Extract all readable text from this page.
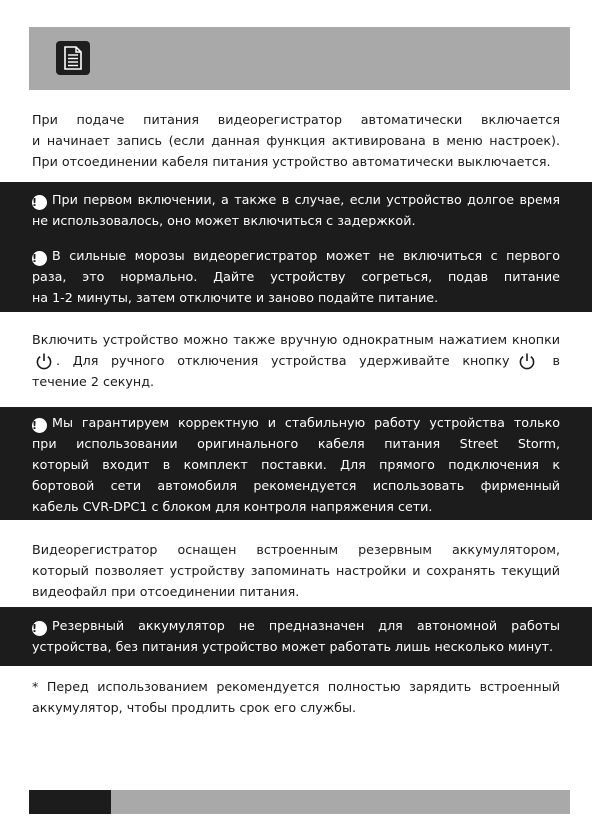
При подаче питания видеорегистратор автоматически включается
и начинает запись (если данная функция активирована в меню настроек).
При отсоединении кабеля питания устройство автоматически выключается.
! При первом включении, а также в случае, если устройство долгое время
не использовалось, оно может включиться с задержкой.
! В сильные морозы видеорегистратор может не включиться с первого
раза, это нормально. Дайте устройству согреться, подав питание
на 1-2 минуты, затем отключите и заново подайте питание.
Включить устройство можно также вручную однократным нажатием кнопки
. Для ручного отключения устройства удерживайте кнопку	в
течение 2 секунд.
! Мы гарантируем корректную и стабильную работу устройства только
при использовании оригинального кабеля питания Street Storm,
который входит в комплект поставки. Для прямого подключения к
бортовой сети автомобиля рекомендуется использовать фирменный
кабель CVR-DPC1 с блоком для контроля напряжения сети.
Видеорегистратор оснащен встроенным резервным аккумулятором,
который позволяет устройству запоминать настройки и сохранять текущий
видеофайл при отсоединении питания.
! Резервный аккумулятор не предназначен для автономной работы
устройства, без питания устройство может работать лишь несколько минут.
* Перед использованием рекомендуется полностью зарядить встроенный
аккумулятор, чтобы продлить срок его службы.
